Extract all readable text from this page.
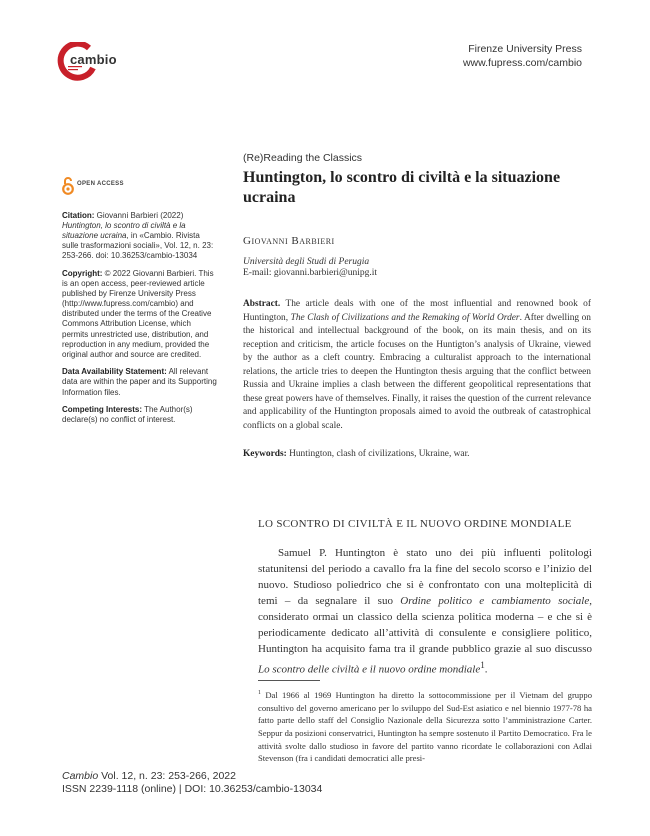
cambio
Firenze University Press
www.fupress.com/cambio
OPEN ACCESS

Citation: Giovanni Barbieri (2022) Huntington, lo scontro di civiltà e la situazione ucraina, in «Cambio. Rivista sulle trasformazioni sociali», Vol. 12, n. 23: 253-266. doi: 10.36253/cambio-13034

Copyright: © 2022 Giovanni Barbieri. This is an open access, peer-reviewed article published by Firenze University Press (http://www.fupress.com/cambio) and distributed under the terms of the Creative Commons Attribution License, which permits unrestricted use, distribution, and reproduction in any medium, provided the original author and source are credited.

Data Availability Statement: All relevant data are within the paper and its Supporting Information files.

Competing Interests: The Author(s) declare(s) no conflict of interest.

(Re)Reading the Classics
Huntington, lo scontro di civiltà e la situazione ucraina
Giovanni Barbieri
Università degli Studi di Perugia
E-mail: giovanni.barbieri@unipg.it
Abstract. The article deals with one of the most influential and renowned book of Huntington, The Clash of Civilizations and the Remaking of World Order. After dwelling on the historical and intellectual background of the book, on its main thesis, and on its reception and criticism, the article focuses on the Huntigton’s analysis of Ukraine, viewed by the author as a cleft country. Embracing a culturalist approach to the international relations, the article tries to deepen the Huntington thesis arguing that the conflict between Russia and Ukraine implies a clash between the different geopolitical representations that these great powers have of themselves. Finally, it raises the question of the current relevance and applicability of the Huntington proposals aimed to avoid the outbreak of catastrophical conflicts on a global scale.
Keywords: Huntington, clash of civilizations, Ukraine, war.
LO SCONTRO DI CIVILTÀ E IL NUOVO ORDINE MONDIALE

Samuel P. Huntington è stato uno dei più influenti politologi statunitensi del periodo a cavallo fra la fine del secolo scorso e l’inizio del nuovo. Studioso poliedrico che si è confrontato con una molteplicità di temi – da segnalare il suo Ordine politico e cambiamento sociale, considerato ormai un classico della scienza politica moderna – e che si è periodicamente dedicato all’attività di consulente e consigliere politico, Huntington ha acquisito fama tra il grande pubblico grazie al suo discusso Lo scontro delle civiltà e il nuovo ordine mondiale$^1$.

$^1$ Dal 1966 al 1969 Huntington ha diretto la sottocommissione per il Vietnam del gruppo consultivo del governo americano per lo sviluppo del Sud-Est asiatico e nel biennio 1977-78 ha fatto parte dello staff del Consiglio Nazionale della Sicurezza sotto l’amministrazione Carter. Seppur da posizioni conservatrici, Huntington ha sempre sostenuto il Partito Democratico. Fra le attività svolte dallo studioso in favore del partito vanno ricordate le collaborazioni con Adlai Stevenson (fra i candidati democratici alle presi-
Cambio Vol. 12, n. 23: 253-266, 2022
ISSN 2239-1118 (online) | DOI: 10.36253/cambio-13034
